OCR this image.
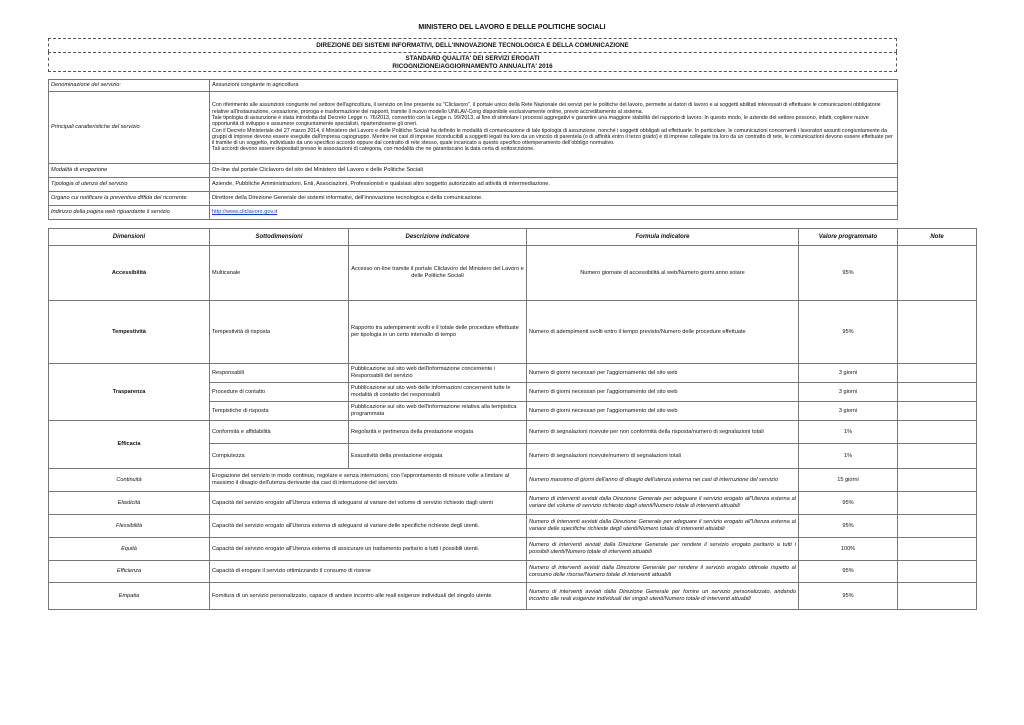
MINISTERO DEL LAVORO E DELLE POLITICHE SOCIALI
DIREZIONE DEI SISTEMI INFORMATIVI, DELL'INNOVAZIONE TECNOLOGICA E DELLA COMUNICAZIONE
STANDARD QUALITA' DEI SERVIZI EROGATI
RICOGNIZIONE/AGGIORNAMENTO ANNUALITA' 2016
Denominazione del servizio:	Assunzioni congiunte in agricoltura
Principali caratteristiche del servizio	Con riferimento alle assunzioni congiunte nel settore dell'agricoltura, il servizio on line presente su "Cliclavoro", il portale unico della Rete Nazionale dei servizi per le politiche del lavoro, permette ai datori di lavoro e ai soggetti abilitati interessati di effettuare le comunicazioni obbligatorie relative all'instaurazione, cessazione, proroga e trasformazione dei rapporti, tramite il nuovo modello UNILAV-Cong disponibile esclusivamente online, previo accreditamento al sistema.
Tale tipologia di assunzione è stata introdotta dal Decreto Legge n. 76/2013, convertito con la Legge n. 99/2013, al fine di stimolare i processi aggregativi e garantire una maggiore stabilità del rapporto di lavoro. In questo modo, le aziende del settore possono, infatti, cogliere nuove opportunità di sviluppo e assumere congiuntamente specialisti, ripartendosene gli oneri.
Con il Decreto Ministeriale del 27 marzo 2014, il Ministero del Lavoro e delle Politiche Sociali ha definito le modalità di comunicazione di tale tipologia di assunzione, nonché i soggetti obbligati ad effettuarle. In particolare, le comunicazioni concernenti i lavoratori assunti congiuntamente da gruppi di imprese devono essere eseguite dall'impresa capogruppo. Mentre nei casi di imprese riconducibili a soggetti legati tra loro da un vincolo di parentela (o di affinità entro il terzo grado) e di imprese collegate tra loro da un contratto di rete, le comunicazioni devono essere effettuate per il tramite di un soggetto, individuato da uno specifico accordo oppure dal contratto di rete stesso, quale incaricato a questo specifico ottemperamento dell'obbligo normativo.
Tali accordi devono essere depositati presso le associazioni di categoria, con modalità che ne garantiscano la data certa di sottoscrizione.
Modalità di erogazione	On-line dal portale Cliclavoro del sito del Ministero del Lavoro e delle Politiche Sociali
Tipologia di utenza del servizio	Aziende, Pubbliche Amministrazioni, Enti, Associazioni, Professionisti e qualsiasi altro soggetto autorizzato ad attività di intermediazione.
Organo cui notificare la preventiva diffida del ricorrente	Direttore della Direzione Generale dei sistemi informativi, dell'innovazione tecnologica e della comunicazione.
Indirizzo della pagina web riguardante il servizio	http://www.cliclavoro.gov.it
Dimensioni	Sottodimensioni	Descrizione indicatore	Formula indicatore	Valore programmato	Note
Accessibilità	Multicanale	Accesso on-line tramite il portale Cliclavoro del Ministero del Lavoro e delle Politiche Sociali	Numero giornate di accessibilità al web/Numero giorni anno solare	95%	
Tempestività	Tempestività di risposta	Rapporto tra adempimenti svolti e il totale delle procedure effettuate per tipologia in un certo intervallo di tempo	Numero di adempimenti svolti entro il tempo previsto/Numero delle procedure effettuate	95%	
Trasparenza	Responsabili	Pubblicazione sul sito web dell'informazione concernente i Responsabili del servizio	Numero di giorni necessari per l'aggiornamento del sito web	3 giorni	
	Procedure di contatto	Pubblicazione sul sito web delle informazioni concernenti tutte le modalità di contatto dei responsabili	Numero di giorni necessari per l'aggiornamento del sito web	3 giorni	
	Tempistiche di risposta	Pubblicazione sul sito web dell'informazione relativa alla tempistica programmata	Numero di giorni necessari per l'aggiornamento del sito web	3 giorni	
Efficacia	Conformità e affidabilità	Regolarità e pertinenza della prestazione erogata	Numero di segnalazioni ricevute per non conformità della risposta/numero di segnalazioni totali	1%	
	Compiutezza	Esaustività della prestazione erogata	Numero di segnalazioni ricevute/numero di segnalazioni totali	1%	
Continuità	Erogazione del servizio in modo continuo, regolare e senza interruzioni, con l'approntamento di misure volte a limitare al massimo il disagio dell'utenza derivante dai casi di interruzione del servizio.		Numero massimo di giorni dell'anno di disagio dell'utenza esterna nei casi di interruzione del servizio	15 giorni	
Elasticità	Capacità del servizio erogato all'Utenza esterna di adeguarsi al variare del volume di servizio richiesto dagli utenti		Numero di interventi avviati dalla Direzione Generale per adeguare il servizio erogato all'Utenza esterna al variare del volume di servizio richiesto dagli utenti/Numero totale di interventi attuabili	95%	
Flessibilità	Capacità del servizio erogato all'Utenza esterna di adeguarsi al variare delle specifiche richieste degli utenti.		Numero di interventi avviati dalla Direzione Generale per adeguare il servizio erogato all'Utenza esterna al variare delle specifiche richieste degli utenti/Numero totale di interventi attuabili	95%	
Equità	Capacità del servizio erogato all'Utenza esterna di assicurare un trattamento paritario a tutti i possibili utenti.		Numero di interventi avviati dalla Direzione Generale per rendere il servizio erogato paritario a tutti i possibili utenti/Numero totale di interventi attuabili	100%	
Efficienza	Capacità di erogare il servizio ottimizzando il consumo di risorse		Numero di interventi avviati dalla Direzione Generale per rendere il servizio erogato ottimale rispetto al consumo delle risorse/Numero totale di interventi attuabili	95%	
Empatia	Fornitura di un servizio personalizzato, capace di andare incontro alle reali esigenze individuali del singolo utente		Numero di interventi avviati dalla Direzione Generale per fornire un servizio personalizzato, andando incontro alle reali esigenze individuali dei singoli utenti/Numero totale di interventi attuabili	95%	
